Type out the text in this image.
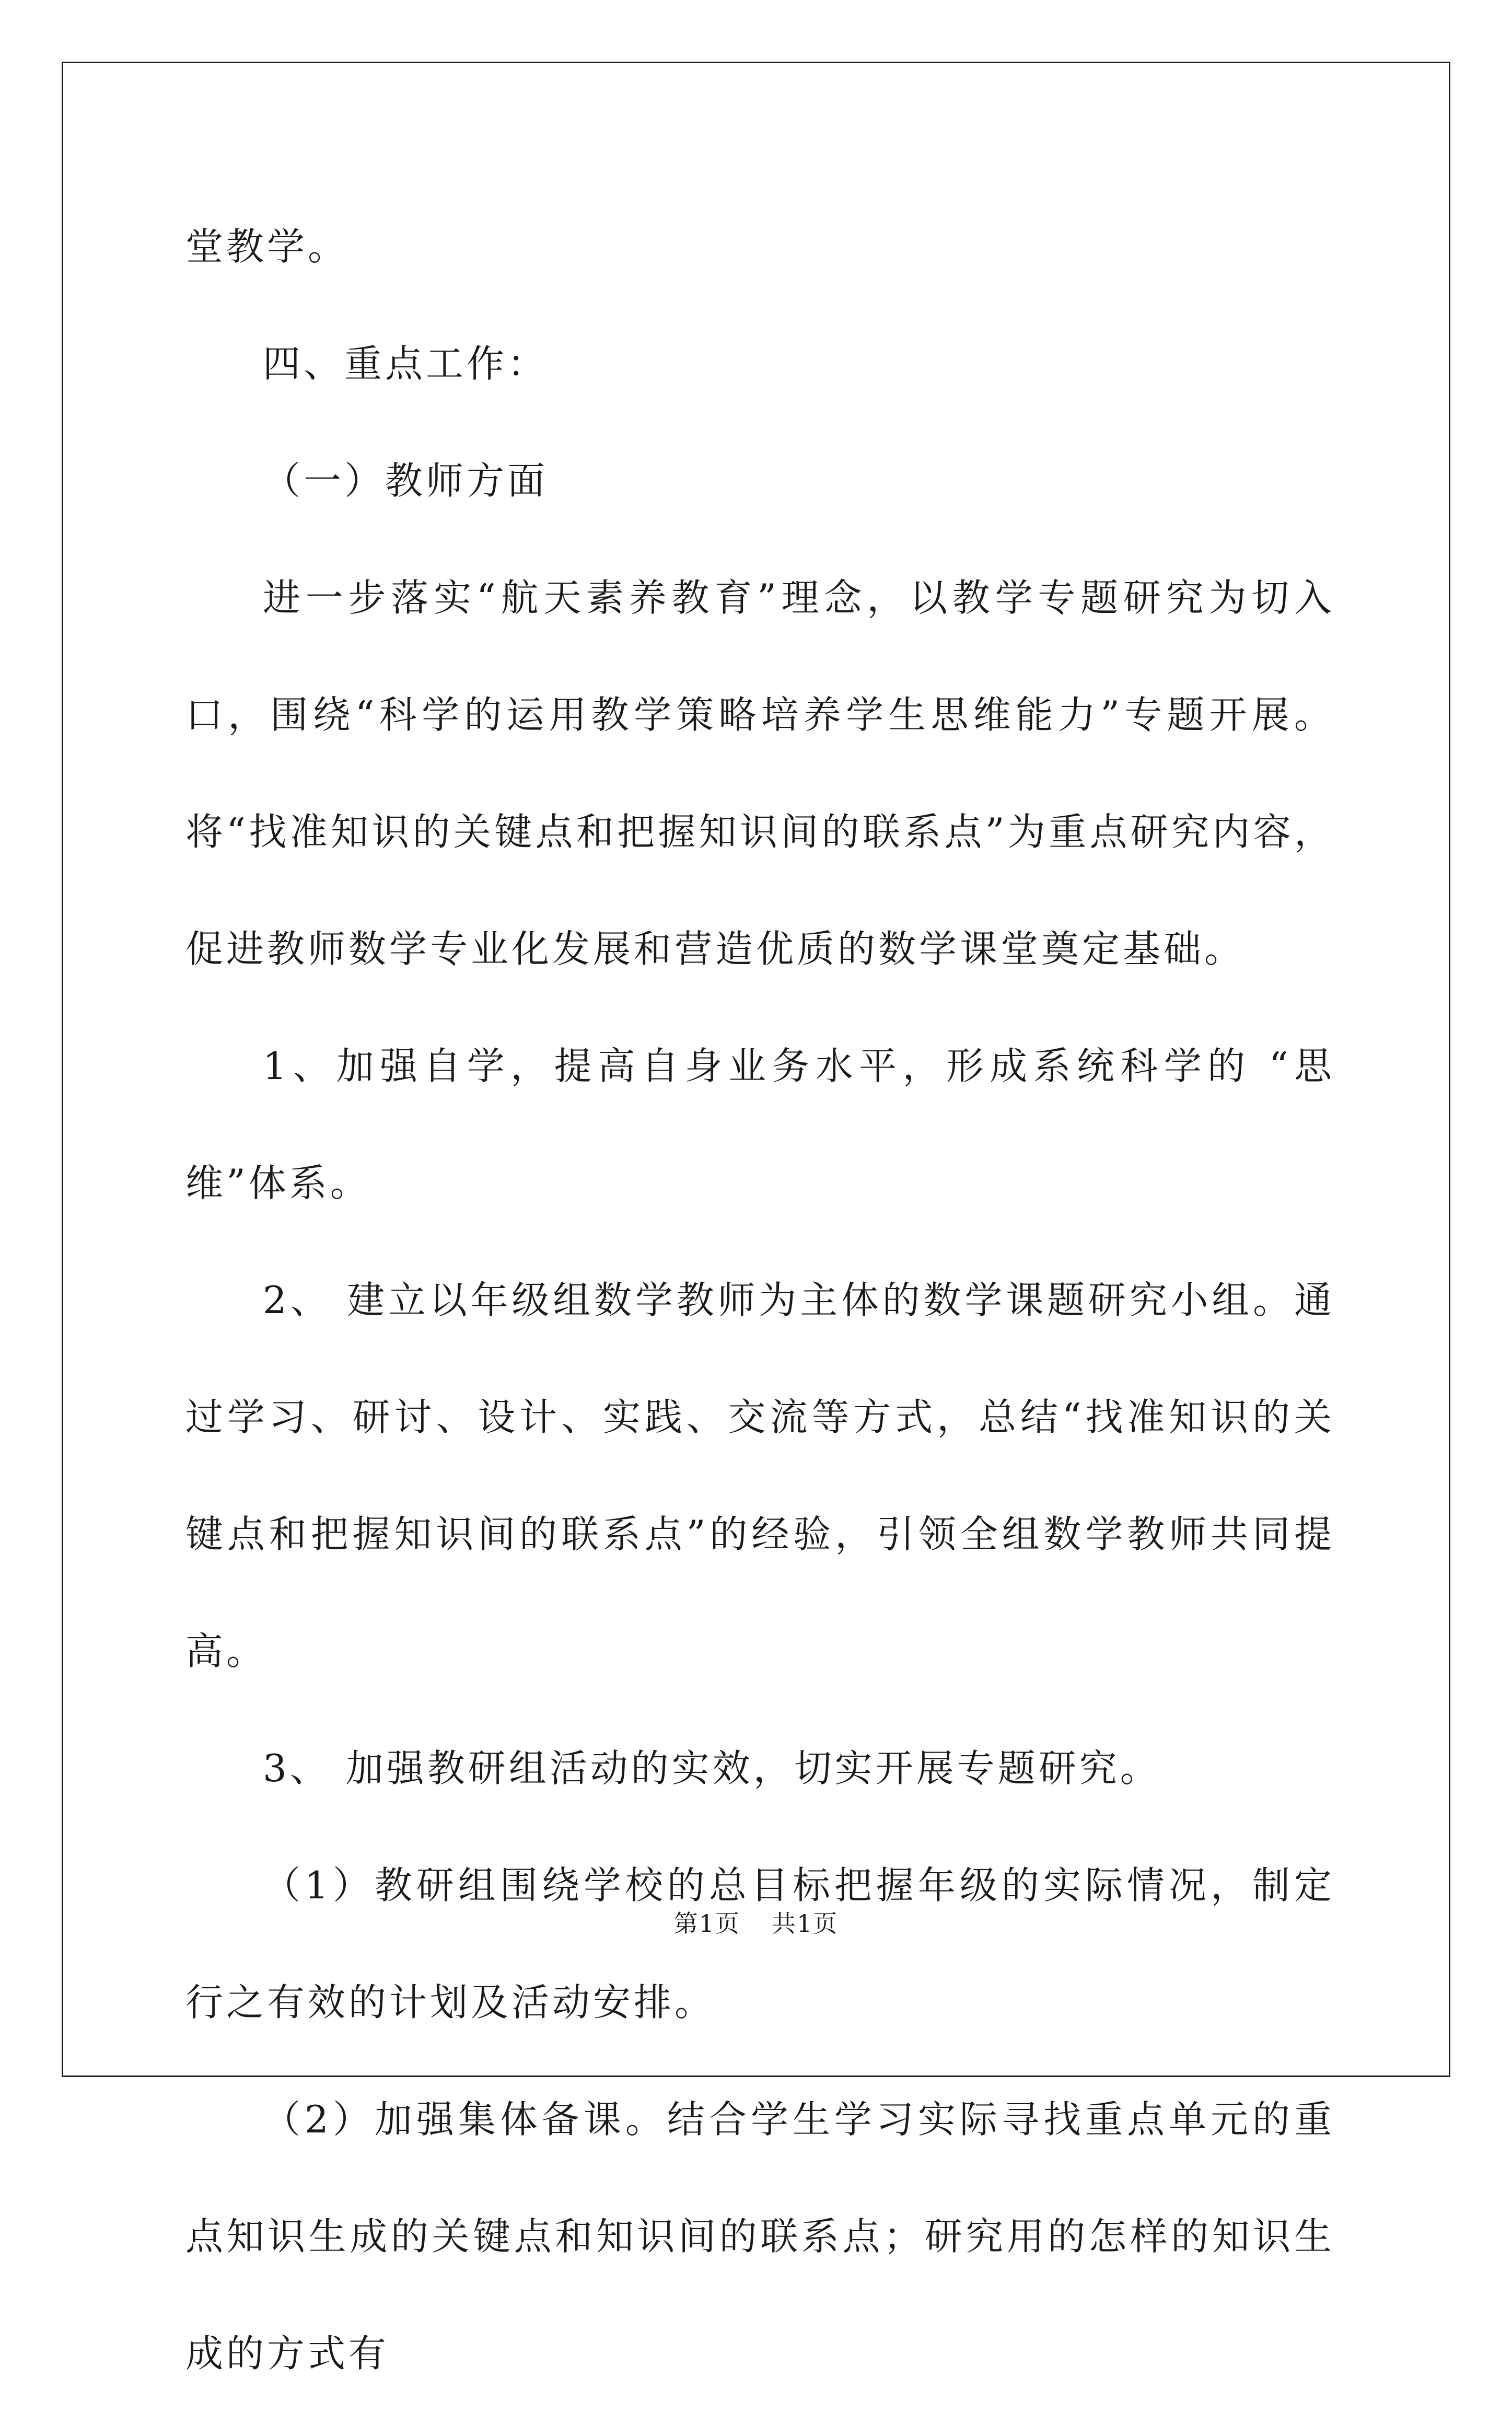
堂教学。

四、重点工作：

（一）教师方面

进一步落实“航天素养教育”理念，以教学专题研究为切入口，围绕“科学的运用教学策略培养学生思维能力”专题开展。将“找准知识的关键点和把握知识间的联系点”为重点研究内容，促进教师数学专业化发展和营造优质的数学课堂奠定基础。

1、加强自学，提高自身业务水平，形成系统科学的 “思维”体系。

2、 建立以年级组数学教师为主体的数学课题研究小组。通过学习、研讨、设计、实践、交流等方式，总结“找准知识的关键点和把握知识间的联系点”的经验，引领全组数学教师共同提高。

3、 加强教研组活动的实效，切实开展专题研究。

（1）教研组围绕学校的总目标把握年级的实际情况，制定行之有效的计划及活动安排。

（2）加强集体备课。结合学生学习实际寻找重点单元的重点知识生成的关键点和知识间的联系点；研究用的怎样的知识生成的方式有

第1页 共1页
